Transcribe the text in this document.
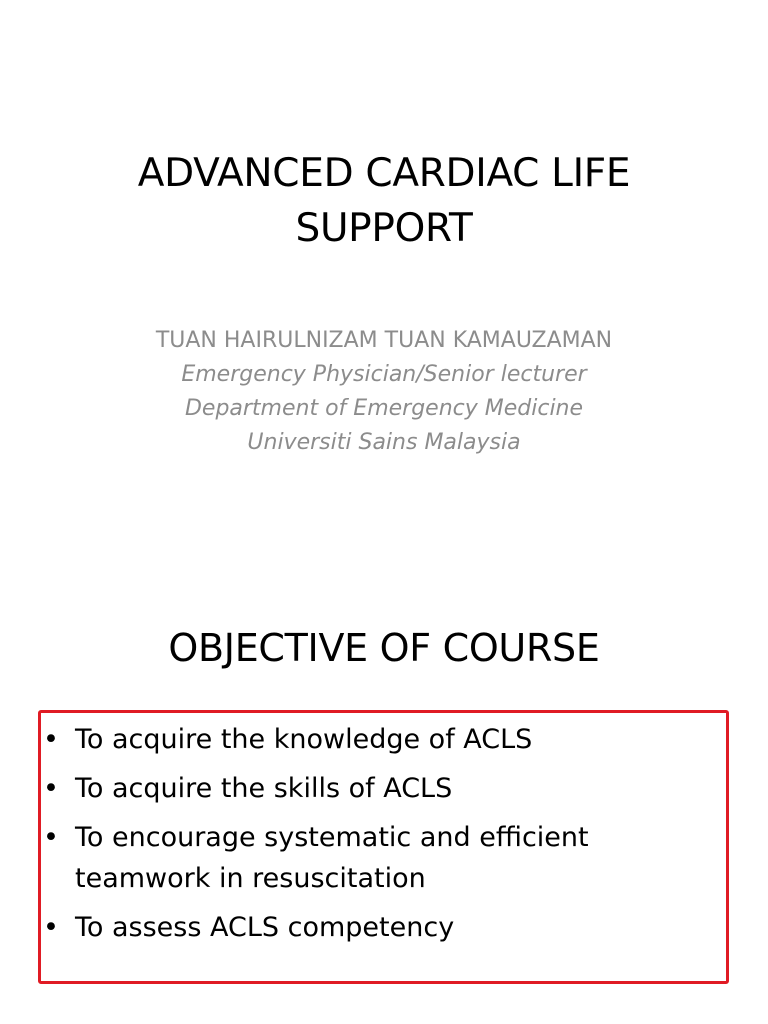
ADVANCED CARDIAC LIFE
SUPPORT
TUAN HAIRULNIZAM TUAN KAMAUZAMAN
Emergency Physician/Senior lecturer
Department of Emergency Medicine
Universiti Sains Malaysia
OBJECTIVE OF COURSE
• To acquire the knowledge of ACLS
• To acquire the skills of ACLS
• To encourage systematic and efficient teamwork in resuscitation
• To assess ACLS competency
